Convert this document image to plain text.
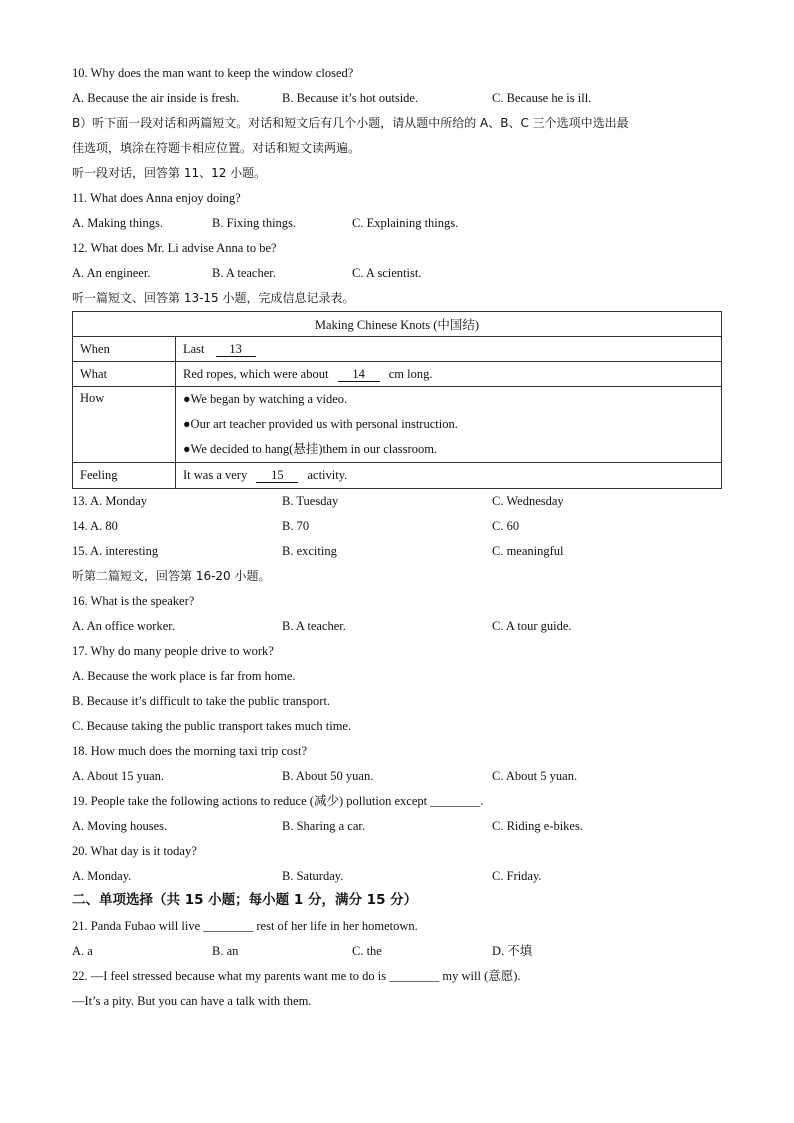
10. Why does the man want to keep the window closed?
A. Because the air inside is fresh.	B. Because it’s hot outside.	C. Because he is ill.
B）听下面一段对话和两篇短文。对话和短文后有几个小题，请从题中所给的 A、B、C 三个选项中选出最
佳选项，填涂在符题卡相应位置。对话和短文读两遍。
听一段对话，回答第 11、12 小题。
11. What does Anna enjoy doing?
A. Making things.	B. Fixing things.	C. Explaining things.
12. What does Mr. Li advise Anna to be?
A. An engineer.	B. A teacher.	C. A scientist.
听一篇短文、回答第 13-15 小题，完成信息记录表。
Making Chinese Knots (中国结)	
When	Last 13
What	Red ropes, which were about 14 cm long.
How	●We began by watching a video.
●Our art teacher provided us with personal instruction.
●We decided to hang(悬挂)them in our classroom.

Feeling	It was a very 15 activity.
13. A. Monday	B. Tuesday	C. Wednesday
14. A. 80	B. 70	C. 60
15. A. interesting	B. exciting	C. meaningful
听第二篇短文，回答第 16-20 小题。
16. What is the speaker?
A. An office worker.	B. A teacher.	C. A tour guide.
17. Why do many people drive to work?
A. Because the work place is far from home.
B. Because it’s difficult to take the public transport.
C. Because taking the public transport takes much time.
18. How much does the morning taxi trip cost?
A. About 15 yuan.	B. About 50 yuan.	C. About 5 yuan.
19. People take the following actions to reduce (减少) pollution except ________.
A. Moving houses.	B. Sharing a car.	C. Riding e-bikes.
20. What day is it today?
A. Monday.	B. Saturday.	C. Friday.
二、单项选择（共 15 小题；每小题 1 分，满分 15 分）
21. Panda Fubao will live ________ rest of her life in her hometown.
A. a	B. an	C. the	D. 不填
22. —I feel stressed because what my parents want me to do is ________ my will (意愿).
—It’s a pity. But you can have a talk with them.
